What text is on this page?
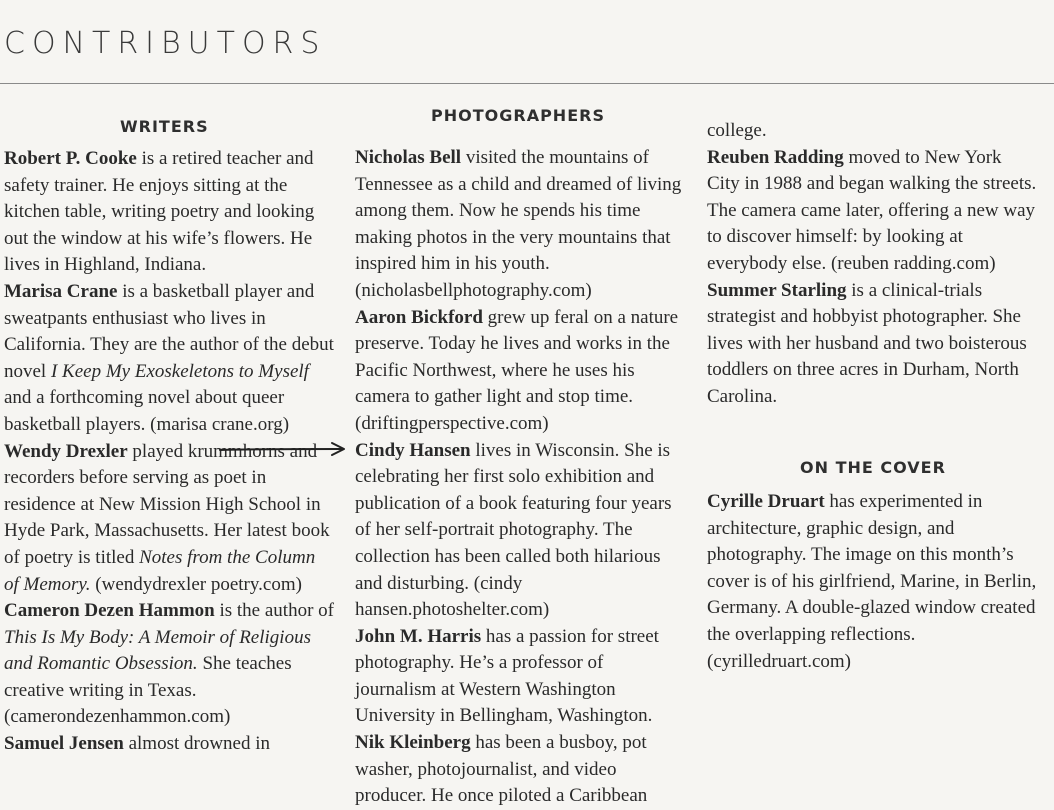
CONTRIBUTORS
WRITERS
PHOTOGRAPHERS
ON THE COVER

Robert P. Cooke is a retired teacher and safety trainer. He enjoys sitting at the kitchen table, writing poetry and looking out the window at his wife’s flowers. He lives in Highland, Indiana.

Marisa Crane is a basketball player and sweatpants enthusiast who lives in California. They are the author of the debut novel I Keep My Exoskeletons to Myself and a forthcoming novel about queer basketball players. (marisa crane.org)

Wendy Drexler played krummhorns and recorders before serving as poet in residence at New Mission High School in Hyde Park, Massachusetts. Her latest book of poetry is titled Notes from the Column of Memory. (wendydrexler poetry.com)

Cameron Dezen Hammon is the author of This Is My Body: A Memoir of Religious and Romantic Obsession. She teaches creative writing in Texas. (camerondezenhammon.com)

Samuel Jensen almost drowned in

Nicholas Bell visited the mountains of Tennessee as a child and dreamed of living among them. Now he spends his time making photos in the very mountains that inspired him in his youth. (nicholasbellphotography.com)

Aaron Bickford grew up feral on a nature preserve. Today he lives and works in the Pacific Northwest, where he uses his camera to gather light and stop time. (driftingperspective.com)

Cindy Hansen lives in Wisconsin. She is celebrating her first solo exhibition and publication of a book featuring four years of her self-portrait photography. The collection has been called both hilarious and disturbing. (cindy hansen.photoshelter.com)

John M. Harris has a passion for street photography. He’s a professor of journalism at Western Washington University in Bellingham, Washington.

Nik Kleinberg has been a busboy, pot washer, photojournalist, and video producer. He once piloted a Caribbean

college.

Reuben Radding moved to New York City in 1988 and began walking the streets. The camera came later, offering a new way to discover himself: by looking at everybody else. (reuben radding.com)

Summer Starling is a clinical-trials strategist and hobbyist photographer. She lives with her husband and two boisterous toddlers on three acres in Durham, North Carolina.

Cyrille Druart has experimented in architecture, graphic design, and photography. The image on this month’s cover is of his girlfriend, Marine, in Berlin, Germany. A double-glazed window created the overlapping reflections. (cyrilledruart.com)
